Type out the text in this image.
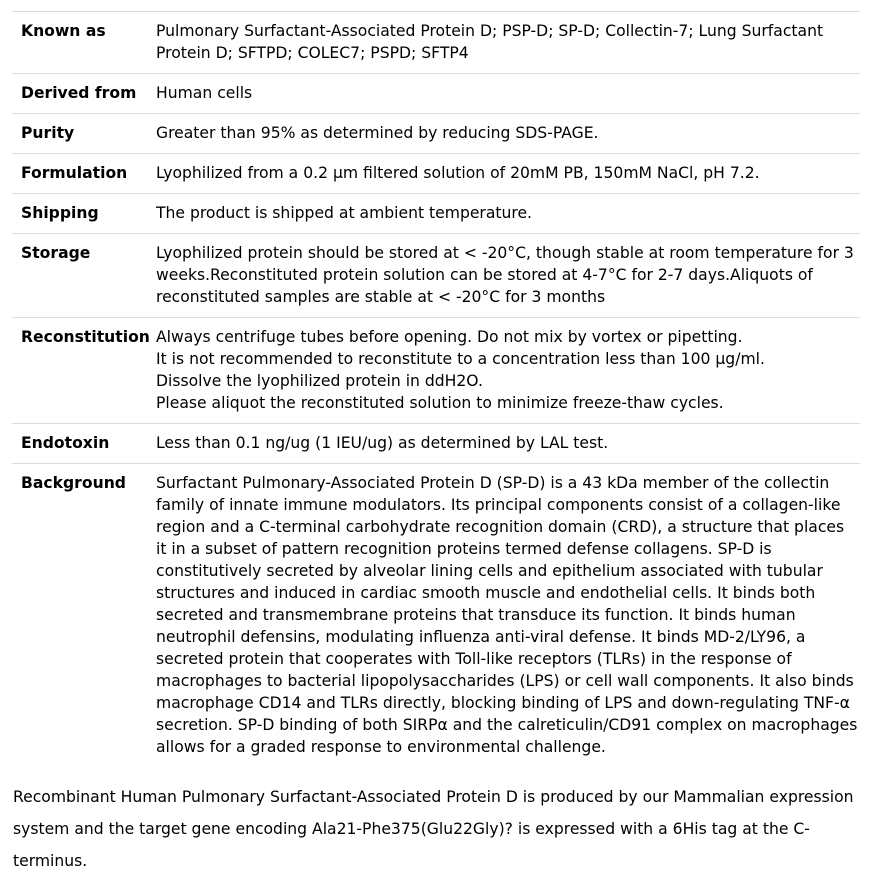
Known as	Pulmonary Surfactant-Associated Protein D; PSP-D; SP-D; Collectin-7; Lung Surfactant Protein D; SFTPD; COLEC7; PSPD; SFTP4
Derived from	Human cells
Purity	Greater than 95% as determined by reducing SDS-PAGE.
Formulation	Lyophilized from a 0.2 μm filtered solution of 20mM PB, 150mM NaCl, pH 7.2.
Shipping	The product is shipped at ambient temperature.
Storage	Lyophilized protein should be stored at < -20°C, though stable at room temperature for 3 weeks.Reconstituted protein solution can be stored at 4-7°C for 2-7 days.Aliquots of reconstituted samples are stable at < -20°C for 3 months
Reconstitution	Always centrifuge tubes before opening. Do not mix by vortex or pipetting.
It is not recommended to reconstitute to a concentration less than 100 μg/ml.
Dissolve the lyophilized protein in ddH2O.
Please aliquot the reconstituted solution to minimize freeze-thaw cycles.

Endotoxin	Less than 0.1 ng/ug (1 IEU/ug) as determined by LAL test.
Background	Surfactant Pulmonary-Associated Protein D (SP-D) is a 43 kDa member of the collectin family of innate immune modulators. Its principal components consist of a collagen-like region and a C-terminal carbohydrate recognition domain (CRD), a structure that places it in a subset of pattern recognition proteins termed defense collagens. SP-D is constitutively secreted by alveolar lining cells and epithelium associated with tubular structures and induced in cardiac smooth muscle and endothelial cells. It binds both secreted and transmembrane proteins that transduce its function. It binds human neutrophil defensins, modulating influenza anti-viral defense. It binds MD-2/LY96, a secreted protein that cooperates with Toll-like receptors (TLRs) in the response of macrophages to bacterial lipopolysaccharides (LPS) or cell wall components. It also binds macrophage CD14 and TLRs directly, blocking binding of LPS and down-regulating TNF-α secretion. SP-D binding of both SIRPα and the calreticulin/CD91 complex on macrophages allows for a graded response to environmental challenge.

Recombinant Human Pulmonary Surfactant-Associated Protein D is produced by our Mammalian expression system and the target gene encoding Ala21-Phe375(Glu22Gly)? is expressed with a 6His tag at the C-terminus.
